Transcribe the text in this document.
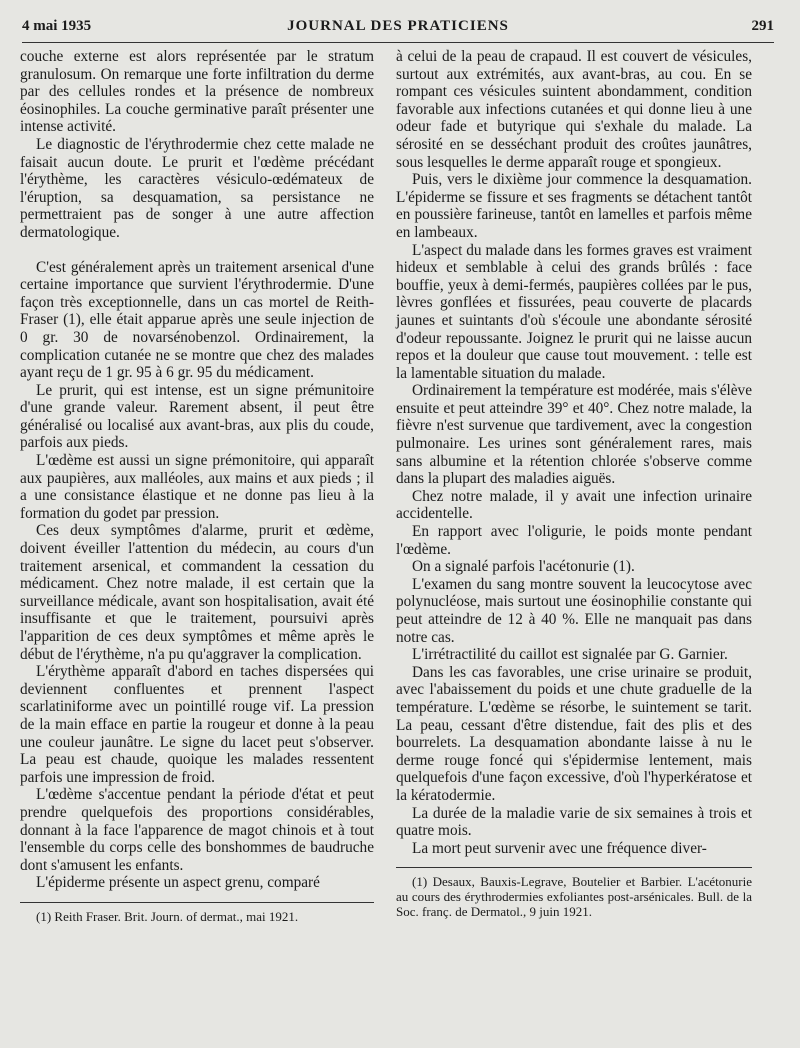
4 mai 1935	JOURNAL DES PRATICIENS	291

couche externe est alors représentée par le stratum granulosum. On remarque une forte infiltration du derme par des cellules rondes et la présence de nombreux éosinophiles. La couche germinative paraît présenter une intense activité.

Le diagnostic de l'érythrodermie chez cette malade ne faisait aucun doute. Le prurit et l'œdème précédant l'érythème, les caractères vésiculo-œdémateux de l'éruption, sa desquamation, sa persistance ne permettraient pas de songer à une autre affection dermatologique.

C'est généralement après un traitement arsenical d'une certaine importance que survient l'érythrodermie. D'une façon très exceptionnelle, dans un cas mortel de Reith-Fraser (1), elle était apparue après une seule injection de 0 gr. 30 de novarsénobenzol. Ordinairement, la complication cutanée ne se montre que chez des malades ayant reçu de 1 gr. 95 à 6 gr. 95 du médicament.

Le prurit, qui est intense, est un signe prémunitoire d'une grande valeur. Rarement absent, il peut être généralisé ou localisé aux avant-bras, aux plis du coude, parfois aux pieds.

L'œdème est aussi un signe prémonitoire, qui apparaît aux paupières, aux malléoles, aux mains et aux pieds ; il a une consistance élastique et ne donne pas lieu à la formation du godet par pression.

Ces deux symptômes d'alarme, prurit et œdème, doivent éveiller l'attention du médecin, au cours d'un traitement arsenical, et commandent la cessation du médicament. Chez notre malade, il est certain que la surveillance médicale, avant son hospitalisation, avait été insuffisante et que le traitement, poursuivi après l'apparition de ces deux symptômes et même après le début de l'érythème, n'a pu qu'aggraver la complication.

L'érythème apparaît d'abord en taches dispersées qui deviennent confluentes et prennent l'aspect scarlatiniforme avec un pointillé rouge vif. La pression de la main efface en partie la rougeur et donne à la peau une couleur jaunâtre. Le signe du lacet peut s'observer. La peau est chaude, quoique les malades ressentent parfois une impression de froid.

L'œdème s'accentue pendant la période d'état et peut prendre quelquefois des proportions considérables, donnant à la face l'apparence de magot chinois et à tout l'ensemble du corps celle des bonshommes de baudruche dont s'amusent les enfants.

L'épiderme présente un aspect grenu, comparé

(1) Reith Fraser. Brit. Journ. of dermat., mai 1921.

à celui de la peau de crapaud. Il est couvert de vésicules, surtout aux extrémités, aux avant-bras, au cou. En se rompant ces vésicules suintent abondamment, condition favorable aux infections cutanées et qui donne lieu à une odeur fade et butyrique qui s'exhale du malade. La sérosité en se desséchant produit des croûtes jaunâtres, sous lesquelles le derme apparaît rouge et spongieux.

Puis, vers le dixième jour commence la desquamation. L'épiderme se fissure et ses fragments se détachent tantôt en poussière farineuse, tantôt en lamelles et parfois même en lambeaux.

L'aspect du malade dans les formes graves est vraiment hideux et semblable à celui des grands brûlés : face bouffie, yeux à demi-fermés, paupières collées par le pus, lèvres gonflées et fissurées, peau couverte de placards jaunes et suintants d'où s'écoule une abondante sérosité d'odeur repoussante. Joignez le prurit qui ne laisse aucun repos et la douleur que cause tout mouvement. : telle est la lamentable situation du malade.

Ordinairement la température est modérée, mais s'élève ensuite et peut atteindre 39° et 40°. Chez notre malade, la fièvre n'est survenue que tardivement, avec la congestion pulmonaire. Les urines sont généralement rares, mais sans albumine et la rétention chlorée s'observe comme dans la plupart des maladies aiguës.

Chez notre malade, il y avait une infection urinaire accidentelle.

En rapport avec l'oligurie, le poids monte pendant l'œdème.

On a signalé parfois l'acétonurie (1).

L'examen du sang montre souvent la leucocytose avec polynucléose, mais surtout une éosinophilie constante qui peut atteindre de 12 à 40 %. Elle ne manquait pas dans notre cas.

L'irrétractilité du caillot est signalée par G. Garnier.

Dans les cas favorables, une crise urinaire se produit, avec l'abaissement du poids et une chute graduelle de la température. L'œdème se résorbe, le suintement se tarit. La peau, cessant d'être distendue, fait des plis et des bourrelets. La desquamation abondante laisse à nu le derme rouge foncé qui s'épidermise lentement, mais quelquefois d'une façon excessive, d'où l'hyperkératose et la kératodermie.

La durée de la maladie varie de six semaines à trois et quatre mois.

La mort peut survenir avec une fréquence diver-

(1) Desaux, Bauxis-Legrave, Boutelier et Barbier. L'acétonurie au cours des érythrodermies exfoliantes post-arsénicales. Bull. de la Soc. franç. de Dermatol., 9 juin 1921.
